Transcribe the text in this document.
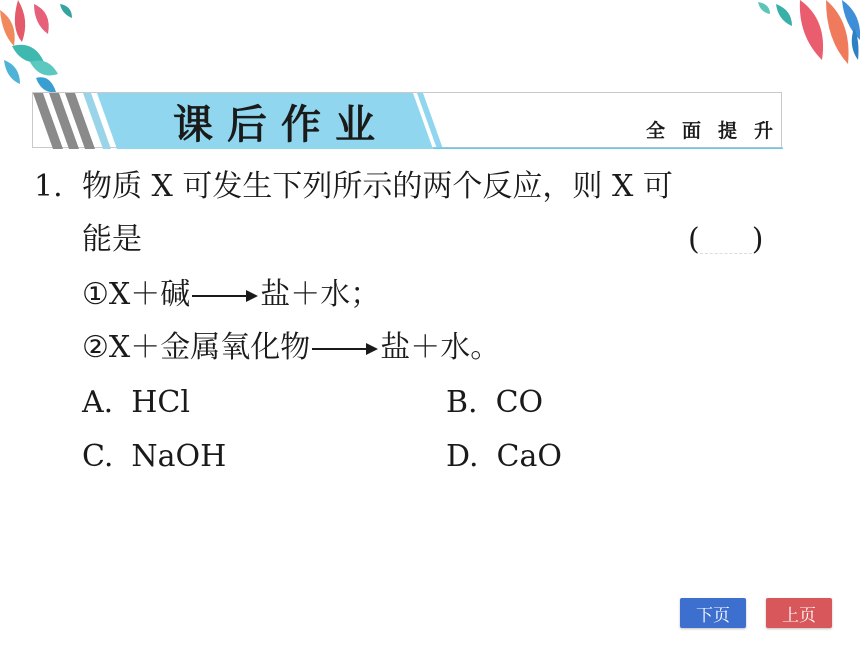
课后作业	全面提升
1. 物质 X 可发生下列所示的两个反应，则 X 可
能是	( )
①X＋碱 → 盐＋水；
②X＋金属氧化物 → 盐＋水。
A. HCl	B. CO
C. NaOH	D. CaO
下页	上页
